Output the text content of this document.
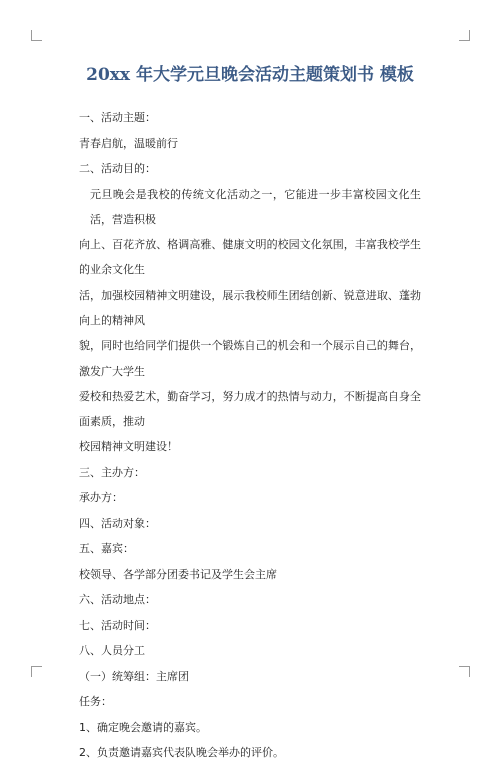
20xx 年大学元旦晚会活动主题策划书 模板
一、活动主题：
青春启航，温暖前行
二、活动目的：
元旦晚会是我校的传统文化活动之一，它能进一步丰富校园文化生活，营造积极
向上、百花齐放、格调高雅、健康文明的校园文化氛围，丰富我校学生的业余文化生
活，加强校园精神文明建设，展示我校师生团结创新、锐意进取、蓬勃向上的精神风
貌，同时也给同学们提供一个锻炼自己的机会和一个展示自己的舞台，激发广大学生
爱校和热爱艺术，勤奋学习，努力成才的热情与动力，不断提高自身全面素质，推动
校园精神文明建设！
三、主办方：
承办方：
四、活动对象：
五、嘉宾：
校领导、各学部分团委书记及学生会主席
六、活动地点：
七、活动时间：
八、人员分工
（一）统筹组：主席团
任务：
1、确定晚会邀请的嘉宾。
2、负责邀请嘉宾代表队晚会举办的评价。
